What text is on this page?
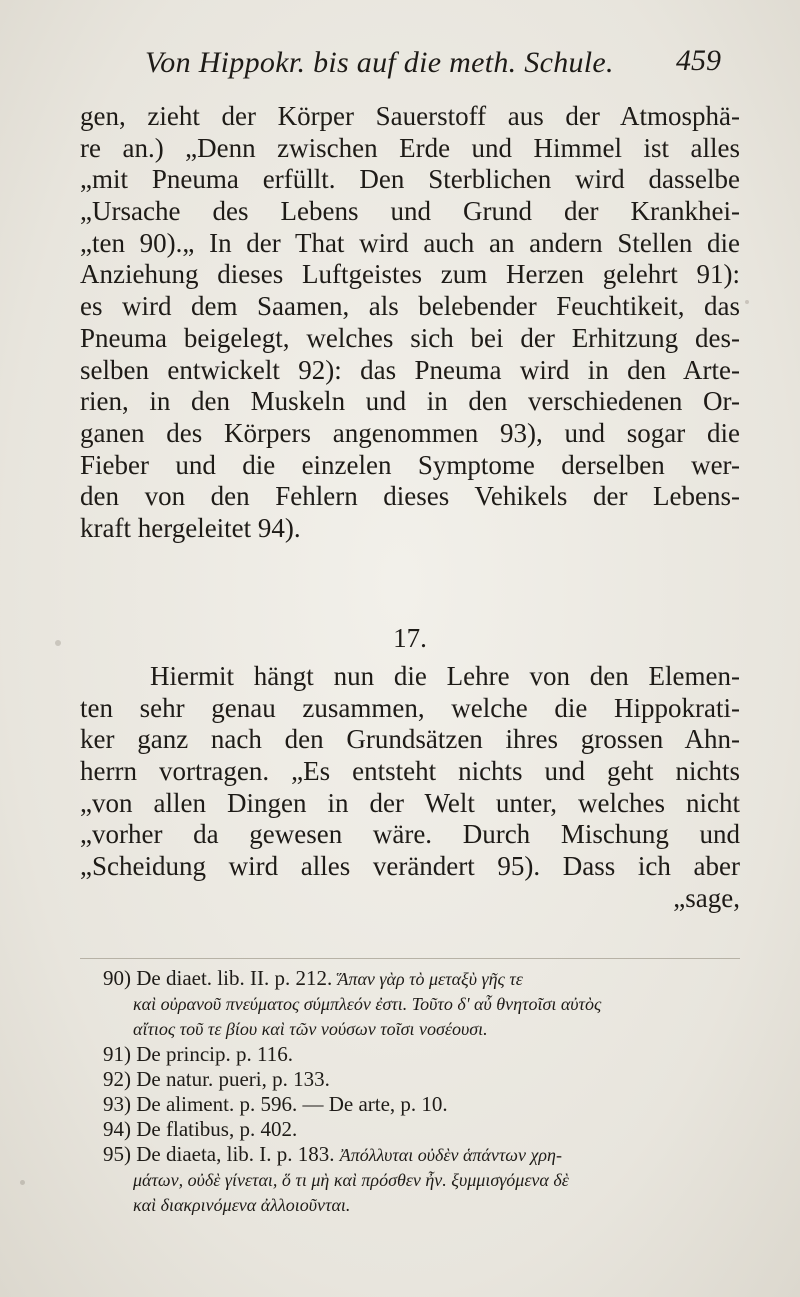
Von Hippokr. bis auf die meth. Schule. 459
gen, zieht der Körper Sauerstoff aus der Atmosphä-
re an.) „Denn zwischen Erde und Himmel ist alles
„mit Pneuma erfüllt. Den Sterblichen wird dasselbe
„Ursache des Lebens und Grund der Krankhei-
„ten 90).„ In der That wird auch an andern Stellen die
Anziehung dieses Luftgeistes zum Herzen gelehrt 91):
es wird dem Saamen, als belebender Feuchtikeit, das
Pneuma beigelegt, welches sich bei der Erhitzung des-
selben entwickelt 92): das Pneuma wird in den Arte-
rien, in den Muskeln und in den verschiedenen Or-
ganen des Körpers angenommen 93), und sogar die
Fieber und die einzelen Symptome derselben wer-
den von den Fehlern dieses Vehikels der Lebens-
kraft hergeleitet 94).
17.
Hiermit hängt nun die Lehre von den Elemen-
ten sehr genau zusammen, welche die Hippokrati-
ker ganz nach den Grundsätzen ihres grossen Ahn-
herrn vortragen. „Es entsteht nichts und geht nichts
„von allen Dingen in der Welt unter, welches nicht
„vorher da gewesen wäre. Durch Mischung und
„Scheidung wird alles verändert 95). Dass ich aber
„sage,
90) De diaet. lib. II. p. 212. Ἅπαν γὰρ τὸ μεταξὺ γῆς τε
καὶ οὐρανοῦ πνεύματος σύμπλεόν ἐστι. Τοῦτο δ' αὖ θνητοῖσι αὐτὸς
αἴτιος τοῦ τε βίου καὶ τῶν νούσων τοῖσι νοσέουσι.
91) De princip. p. 116.
92) De natur. pueri, p. 133.
93) De aliment. p. 596. — De arte, p. 10.
94) De flatibus, p. 402.
95) De diaeta, lib. I. p. 183. Ἀπόλλυται οὐδὲν ἁπάντων χρη-
μάτων, οὐδὲ γίνεται, ὅ τι μὴ καὶ πρόσθεν ἦν. ξυμμισγόμενα δὲ
καὶ διακρινόμενα ἀλλοιοῦνται.
